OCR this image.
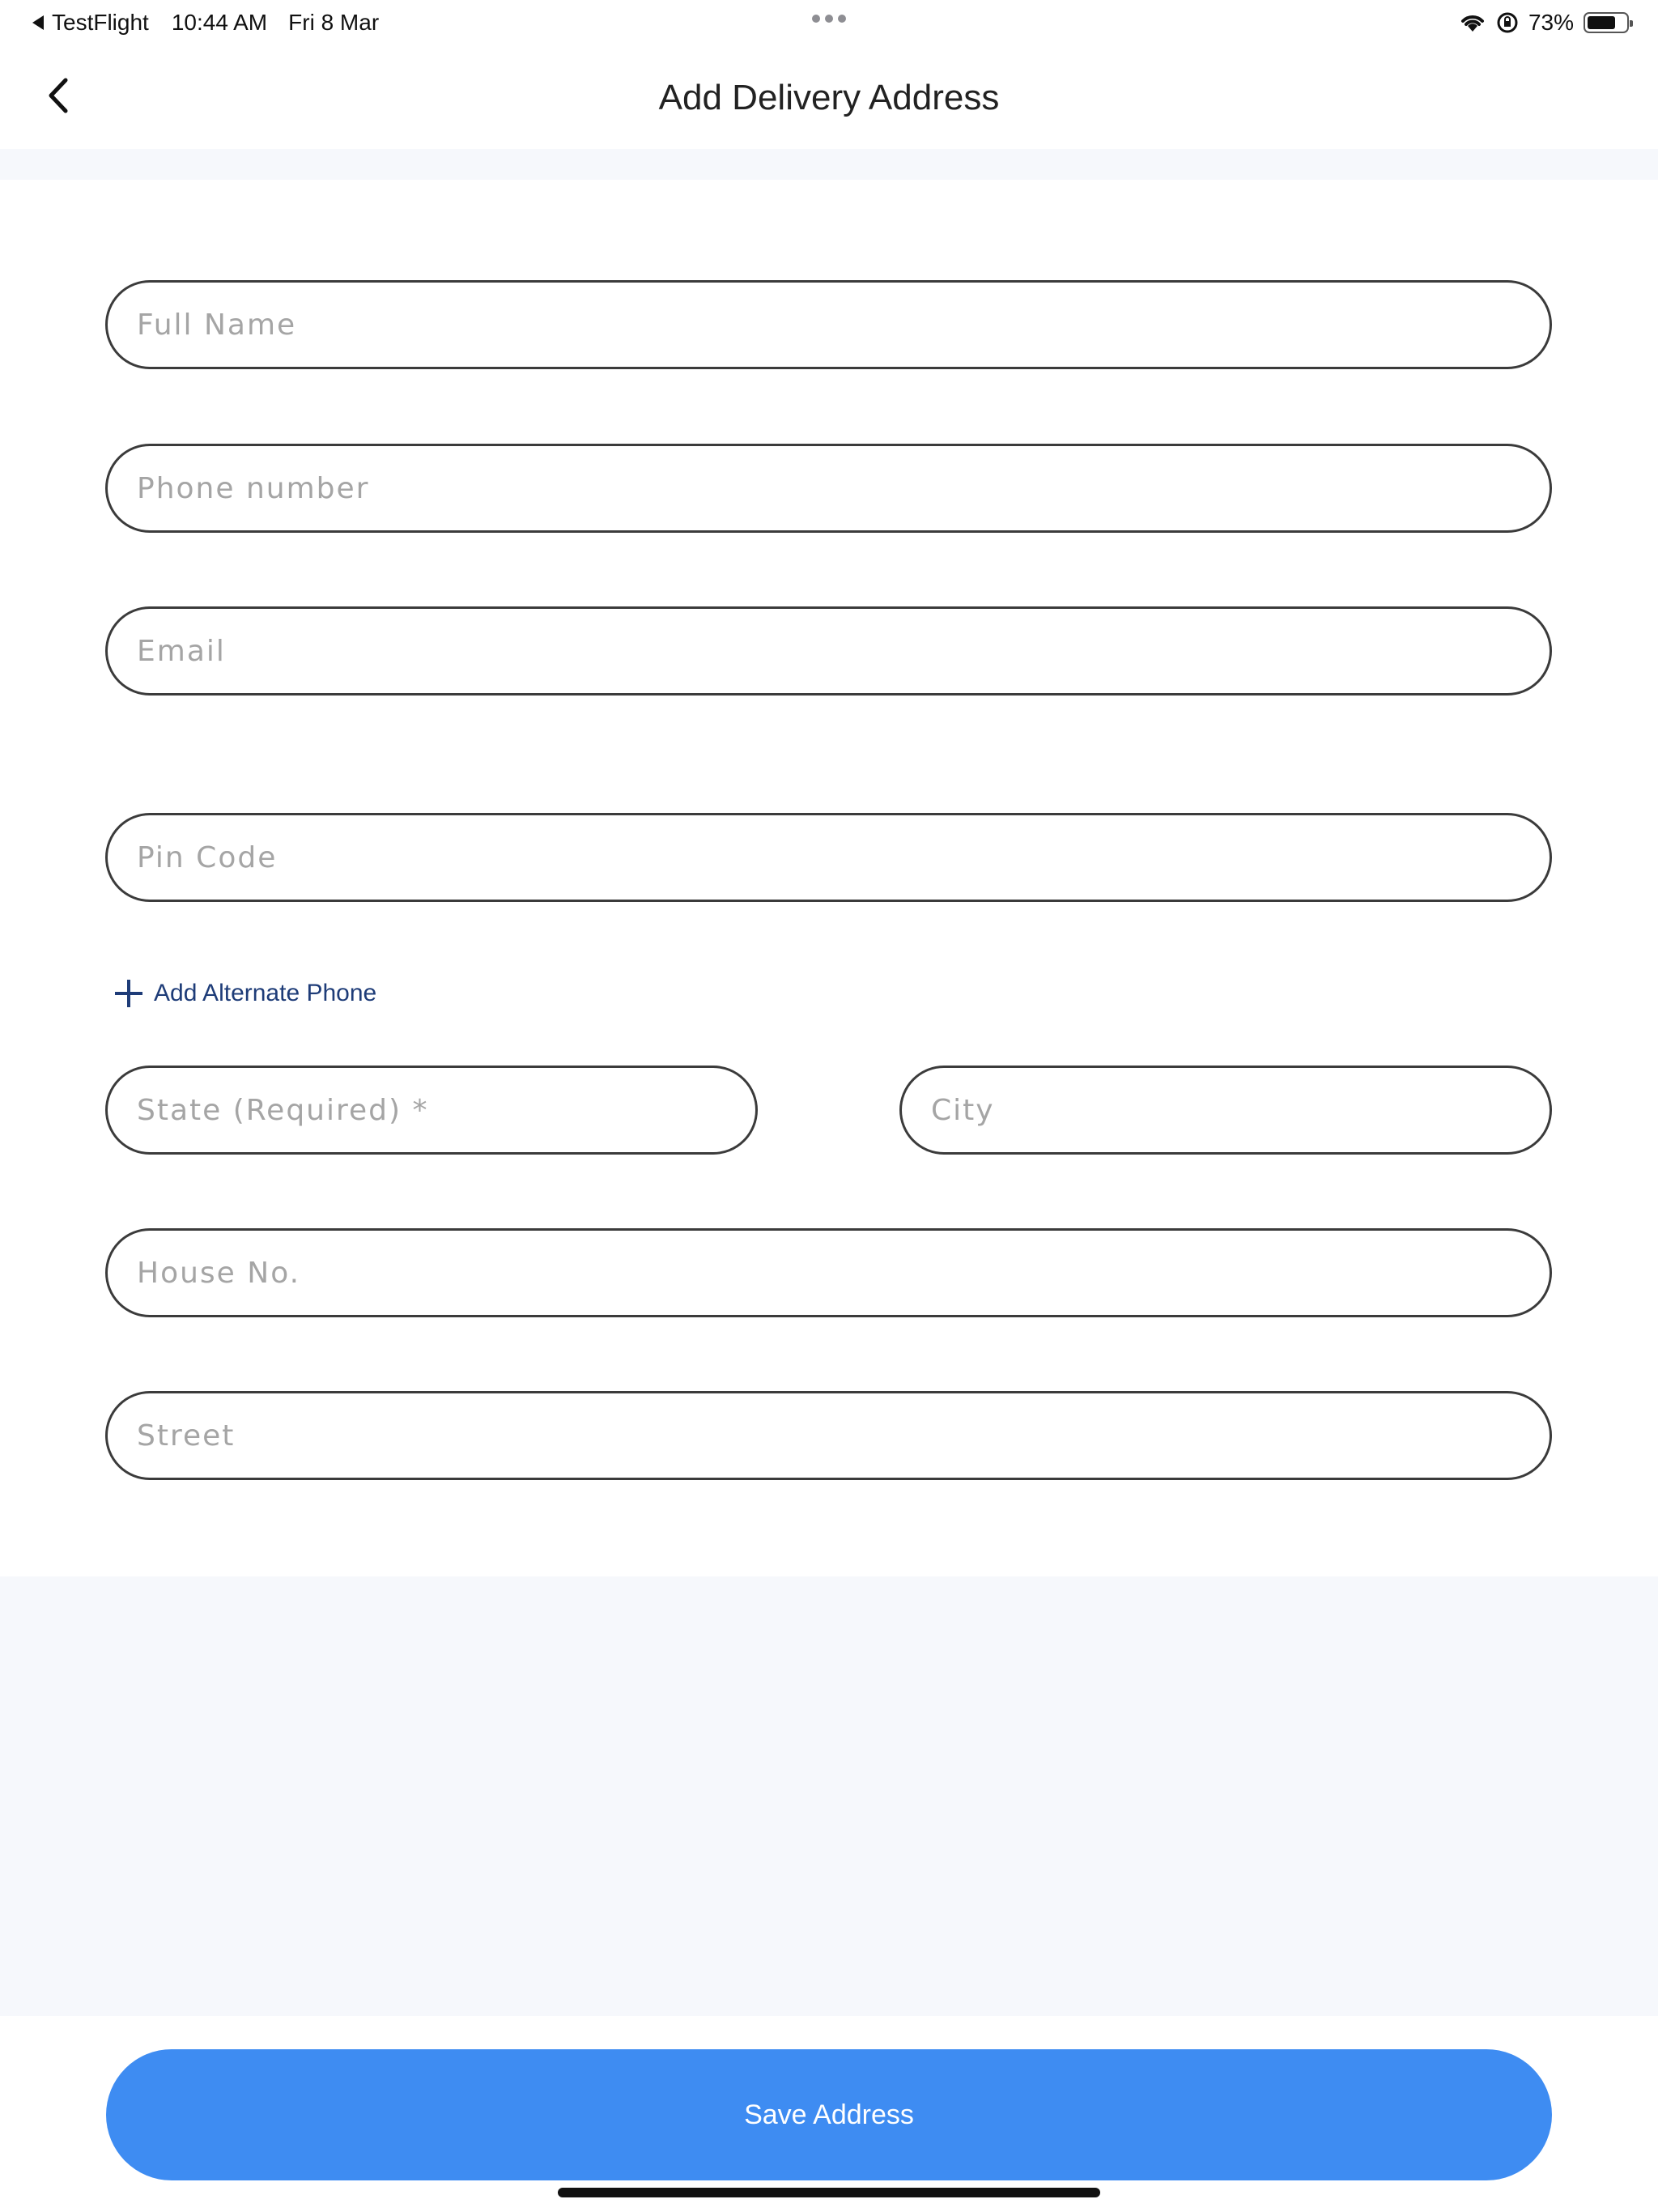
TestFlight 10:44 AM Fri 8 Mar	73%
Add Delivery Address
Full Name
Phone number
Email
Pin Code
Add Alternate Phone
State (Required) *
City
House No.
Street
Save Address
